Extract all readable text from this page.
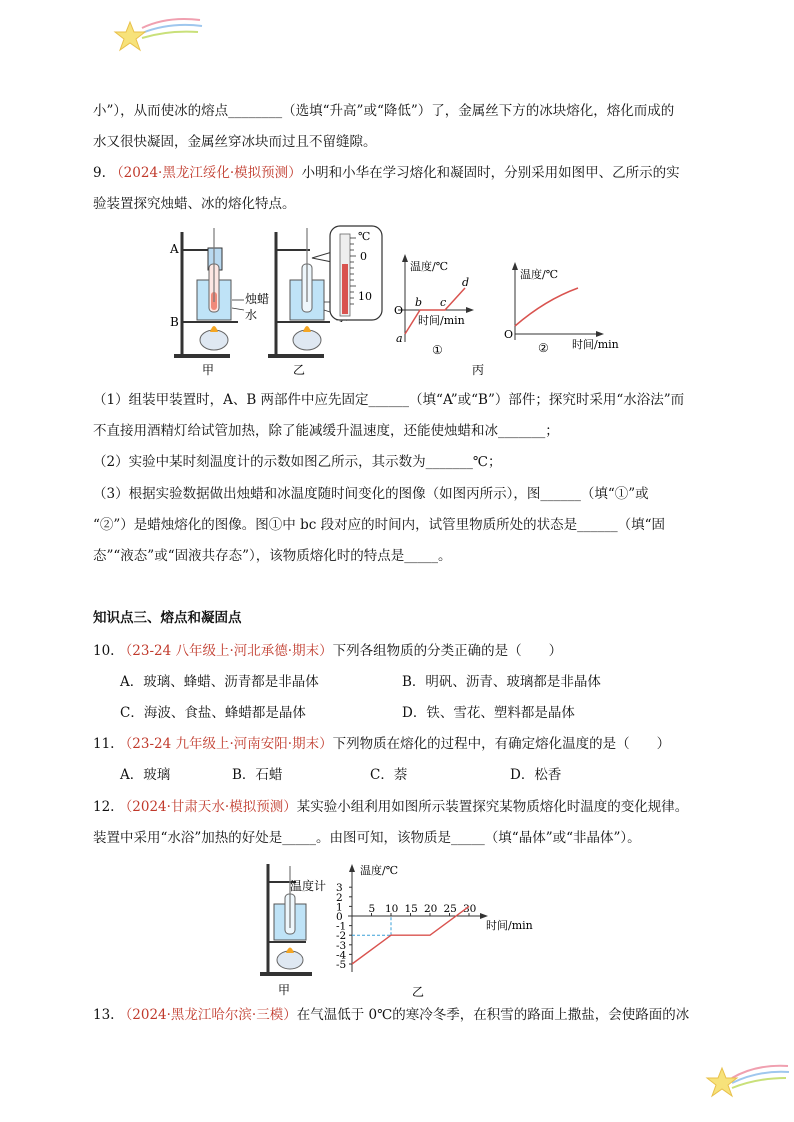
小”），从而使冰的熔点________（选填“升高”或“降低”）了，金属丝下方的冰块熔化，熔化而成的
水又很快凝固，金属丝穿冰块而过且不留缝隙。
9. （2024·黑龙江绥化·模拟预测）小明和小华在学习熔化和凝固时，分别采用如图甲、乙所示的实
验装置探究烛蜡、冰的熔化特点。
A
B
烛蜡
水
甲	乙
℃
0
10
温度/℃
时间/min
O
a
b c
d
①
丙
温度/℃
时间/min
O
②
（1）组装甲装置时，A、B 两部件中应先固定______（填“A”或“B”）部件；探究时采用“水浴法”而
不直接用酒精灯给试管加热，除了能减缓升温速度，还能使烛蜡和冰_______；
（2）实验中某时刻温度计的示数如图乙所示，其示数为_______℃；
（3）根据实验数据做出烛蜡和冰温度随时间变化的图像（如图丙所示），图______（填“①”或
“②”）是蜡烛熔化的图像。图①中 bc 段对应的时间内，试管里物质所处的状态是______（填“固
态”“液态”或“固液共存态”），该物质熔化时的特点是_____。
知识点三、熔点和凝固点
10. （23-24 八年级上·河北承德·期末）下列各组物质的分类正确的是（　　）
A．玻璃、蜂蜡、沥青都是非晶体	B．明矾、沥青、玻璃都是非晶体
C．海波、食盐、蜂蜡都是晶体	D．铁、雪花、塑料都是晶体
11. （23-24 九年级上·河南安阳·期末）下列物质在熔化的过程中，有确定熔化温度的是（　　）
A．玻璃	B．石蜡	C．萘	D．松香
12. （2024·甘肃天水·模拟预测）某实验小组利用如图所示装置探究某物质熔化时温度的变化规律。
装置中采用“水浴”加热的好处是_____。由图可知，该物质是_____（填“晶体”或“非晶体”）。
温度计
甲	乙
3
2
1
0
-1
-2
-3
-4
-5
5 10 15 20 25 30
温度/℃
时间/min
13. （2024·黑龙江哈尔滨·三模）在气温低于 0℃的寒冷冬季，在积雪的路面上撒盐，会使路面的冰
